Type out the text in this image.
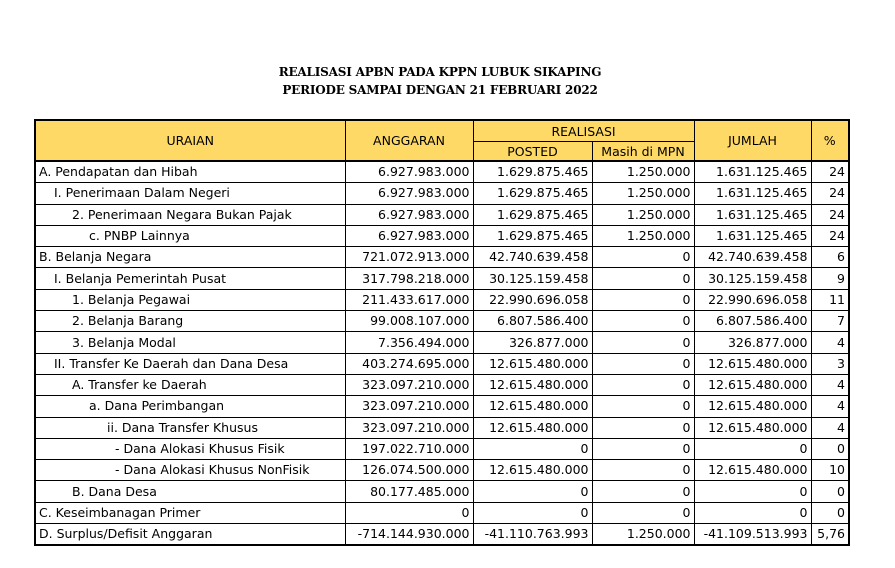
REALISASI APBN PADA KPPN LUBUK SIKAPING
PERIODE SAMPAI DENGAN 21 FEBRUARI 2022
URAIAN	ANGGARAN	REALISASI		JUMLAH	%
		POSTED	Masih di MPN		
A. Pendapatan dan Hibah	6.927.983.000	1.629.875.465	1.250.000	1.631.125.465	24
I. Penerimaan Dalam Negeri	6.927.983.000	1.629.875.465	1.250.000	1.631.125.465	24
2. Penerimaan Negara Bukan Pajak	6.927.983.000	1.629.875.465	1.250.000	1.631.125.465	24
c. PNBP Lainnya	6.927.983.000	1.629.875.465	1.250.000	1.631.125.465	24
B. Belanja Negara	721.072.913.000	42.740.639.458	0	42.740.639.458	6
I. Belanja Pemerintah Pusat	317.798.218.000	30.125.159.458	0	30.125.159.458	9
1. Belanja Pegawai	211.433.617.000	22.990.696.058	0	22.990.696.058	11
2. Belanja Barang	99.008.107.000	6.807.586.400	0	6.807.586.400	7
3. Belanja Modal	7.356.494.000	326.877.000	0	326.877.000	4
II. Transfer Ke Daerah dan Dana Desa	403.274.695.000	12.615.480.000	0	12.615.480.000	3
A. Transfer ke Daerah	323.097.210.000	12.615.480.000	0	12.615.480.000	4
a. Dana Perimbangan	323.097.210.000	12.615.480.000	0	12.615.480.000	4
ii. Dana Transfer Khusus	323.097.210.000	12.615.480.000	0	12.615.480.000	4
- Dana Alokasi Khusus Fisik	197.022.710.000	0	0	0	0
- Dana Alokasi Khusus NonFisik	126.074.500.000	12.615.480.000	0	12.615.480.000	10
B. Dana Desa	80.177.485.000	0	0	0	0
C. Keseimbanagan Primer	0	0	0	0	0
D. Surplus/Defisit Anggaran	-714.144.930.000	-41.110.763.993	1.250.000	-41.109.513.993	5,76
